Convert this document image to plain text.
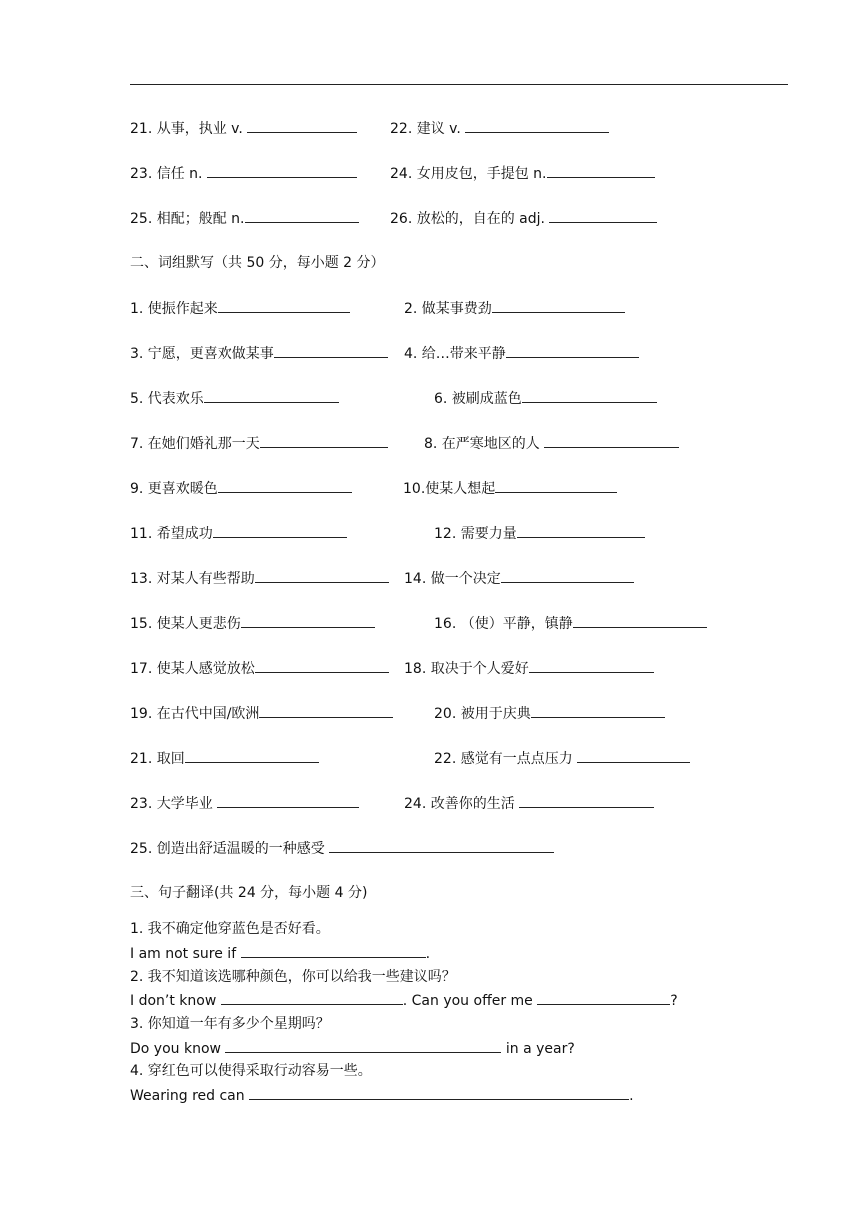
21. 从事，执业 v.	22. 建议 v.
23. 信任 n.	24. 女用皮包，手提包 n.
25. 相配；般配 n.	26. 放松的，自在的 adj.
二、词组默写（共 50 分，每小题 2 分）
1. 使振作起来	2. 做某事费劲
3. 宁愿，更喜欢做某事	4. 给…带来平静
5. 代表欢乐	6. 被刷成蓝色
7. 在她们婚礼那一天	8. 在严寒地区的人
9. 更喜欢暖色	10.使某人想起
11. 希望成功	12. 需要力量
13. 对某人有些帮助	14. 做一个决定
15. 使某人更悲伤	16. （使）平静，镇静
17. 使某人感觉放松	18. 取决于个人爱好
19. 在古代中国/欧洲	20. 被用于庆典
21. 取回	22. 感觉有一点点压力
23. 大学毕业	24. 改善你的生活
25. 创造出舒适温暖的一种感受
三、句子翻译(共 24 分，每小题 4 分)
1. 我不确定他穿蓝色是否好看。
I am not sure if	.
2. 我不知道该选哪种颜色，你可以给我一些建议吗？
I don’t know	. Can you offer me	?
3. 你知道一年有多少个星期吗？
Do you know	in a year?
4. 穿红色可以使得采取行动容易一些。
Wearing red can	.
